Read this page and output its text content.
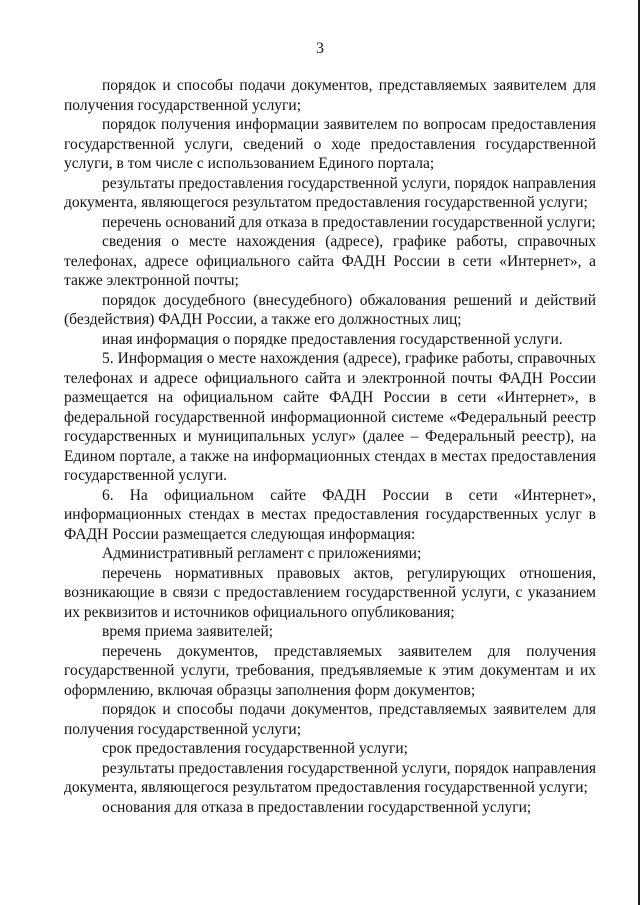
3

порядок и способы подачи документов, представляемых заявителем для получения государственной услуги;

порядок получения информации заявителем по вопросам предоставления государственной услуги, сведений о ходе предоставления государственной услуги, в том числе с использованием Единого портала;

результаты предоставления государственной услуги, порядок направления документа, являющегося результатом предоставления государственной услуги;

перечень оснований для отказа в предоставлении государственной услуги;

сведения о месте нахождения (адресе), графике работы, справочных телефонах, адресе официального сайта ФАДН России в сети «Интернет», а также электронной почты;

порядок досудебного (внесудебного) обжалования решений и действий (бездействия) ФАДН России, а также его должностных лиц;

иная информация о порядке предоставления государственной услуги.

5. Информация о месте нахождения (адресе), графике работы, справочных телефонах и адресе официального сайта и электронной почты ФАДН России размещается на официальном сайте ФАДН России в сети «Интернет», в федеральной государственной информационной системе «Федеральный реестр государственных и муниципальных услуг» (далее – Федеральный реестр), на Едином портале, а также на информационных стендах в местах предоставления государственной услуги.

6. На официальном сайте ФАДН России в сети «Интернет», информационных стендах в местах предоставления государственных услуг в ФАДН России размещается следующая информация:

Административный регламент с приложениями;

перечень нормативных правовых актов, регулирующих отношения, возникающие в связи с предоставлением государственной услуги, с указанием их реквизитов и источников официального опубликования;

время приема заявителей;

перечень документов, представляемых заявителем для получения государственной услуги, требования, предъявляемые к этим документам и их оформлению, включая образцы заполнения форм документов;

порядок и способы подачи документов, представляемых заявителем для получения государственной услуги;

срок предоставления государственной услуги;

результаты предоставления государственной услуги, порядок направления документа, являющегося результатом предоставления государственной услуги;

основания для отказа в предоставлении государственной услуги;
